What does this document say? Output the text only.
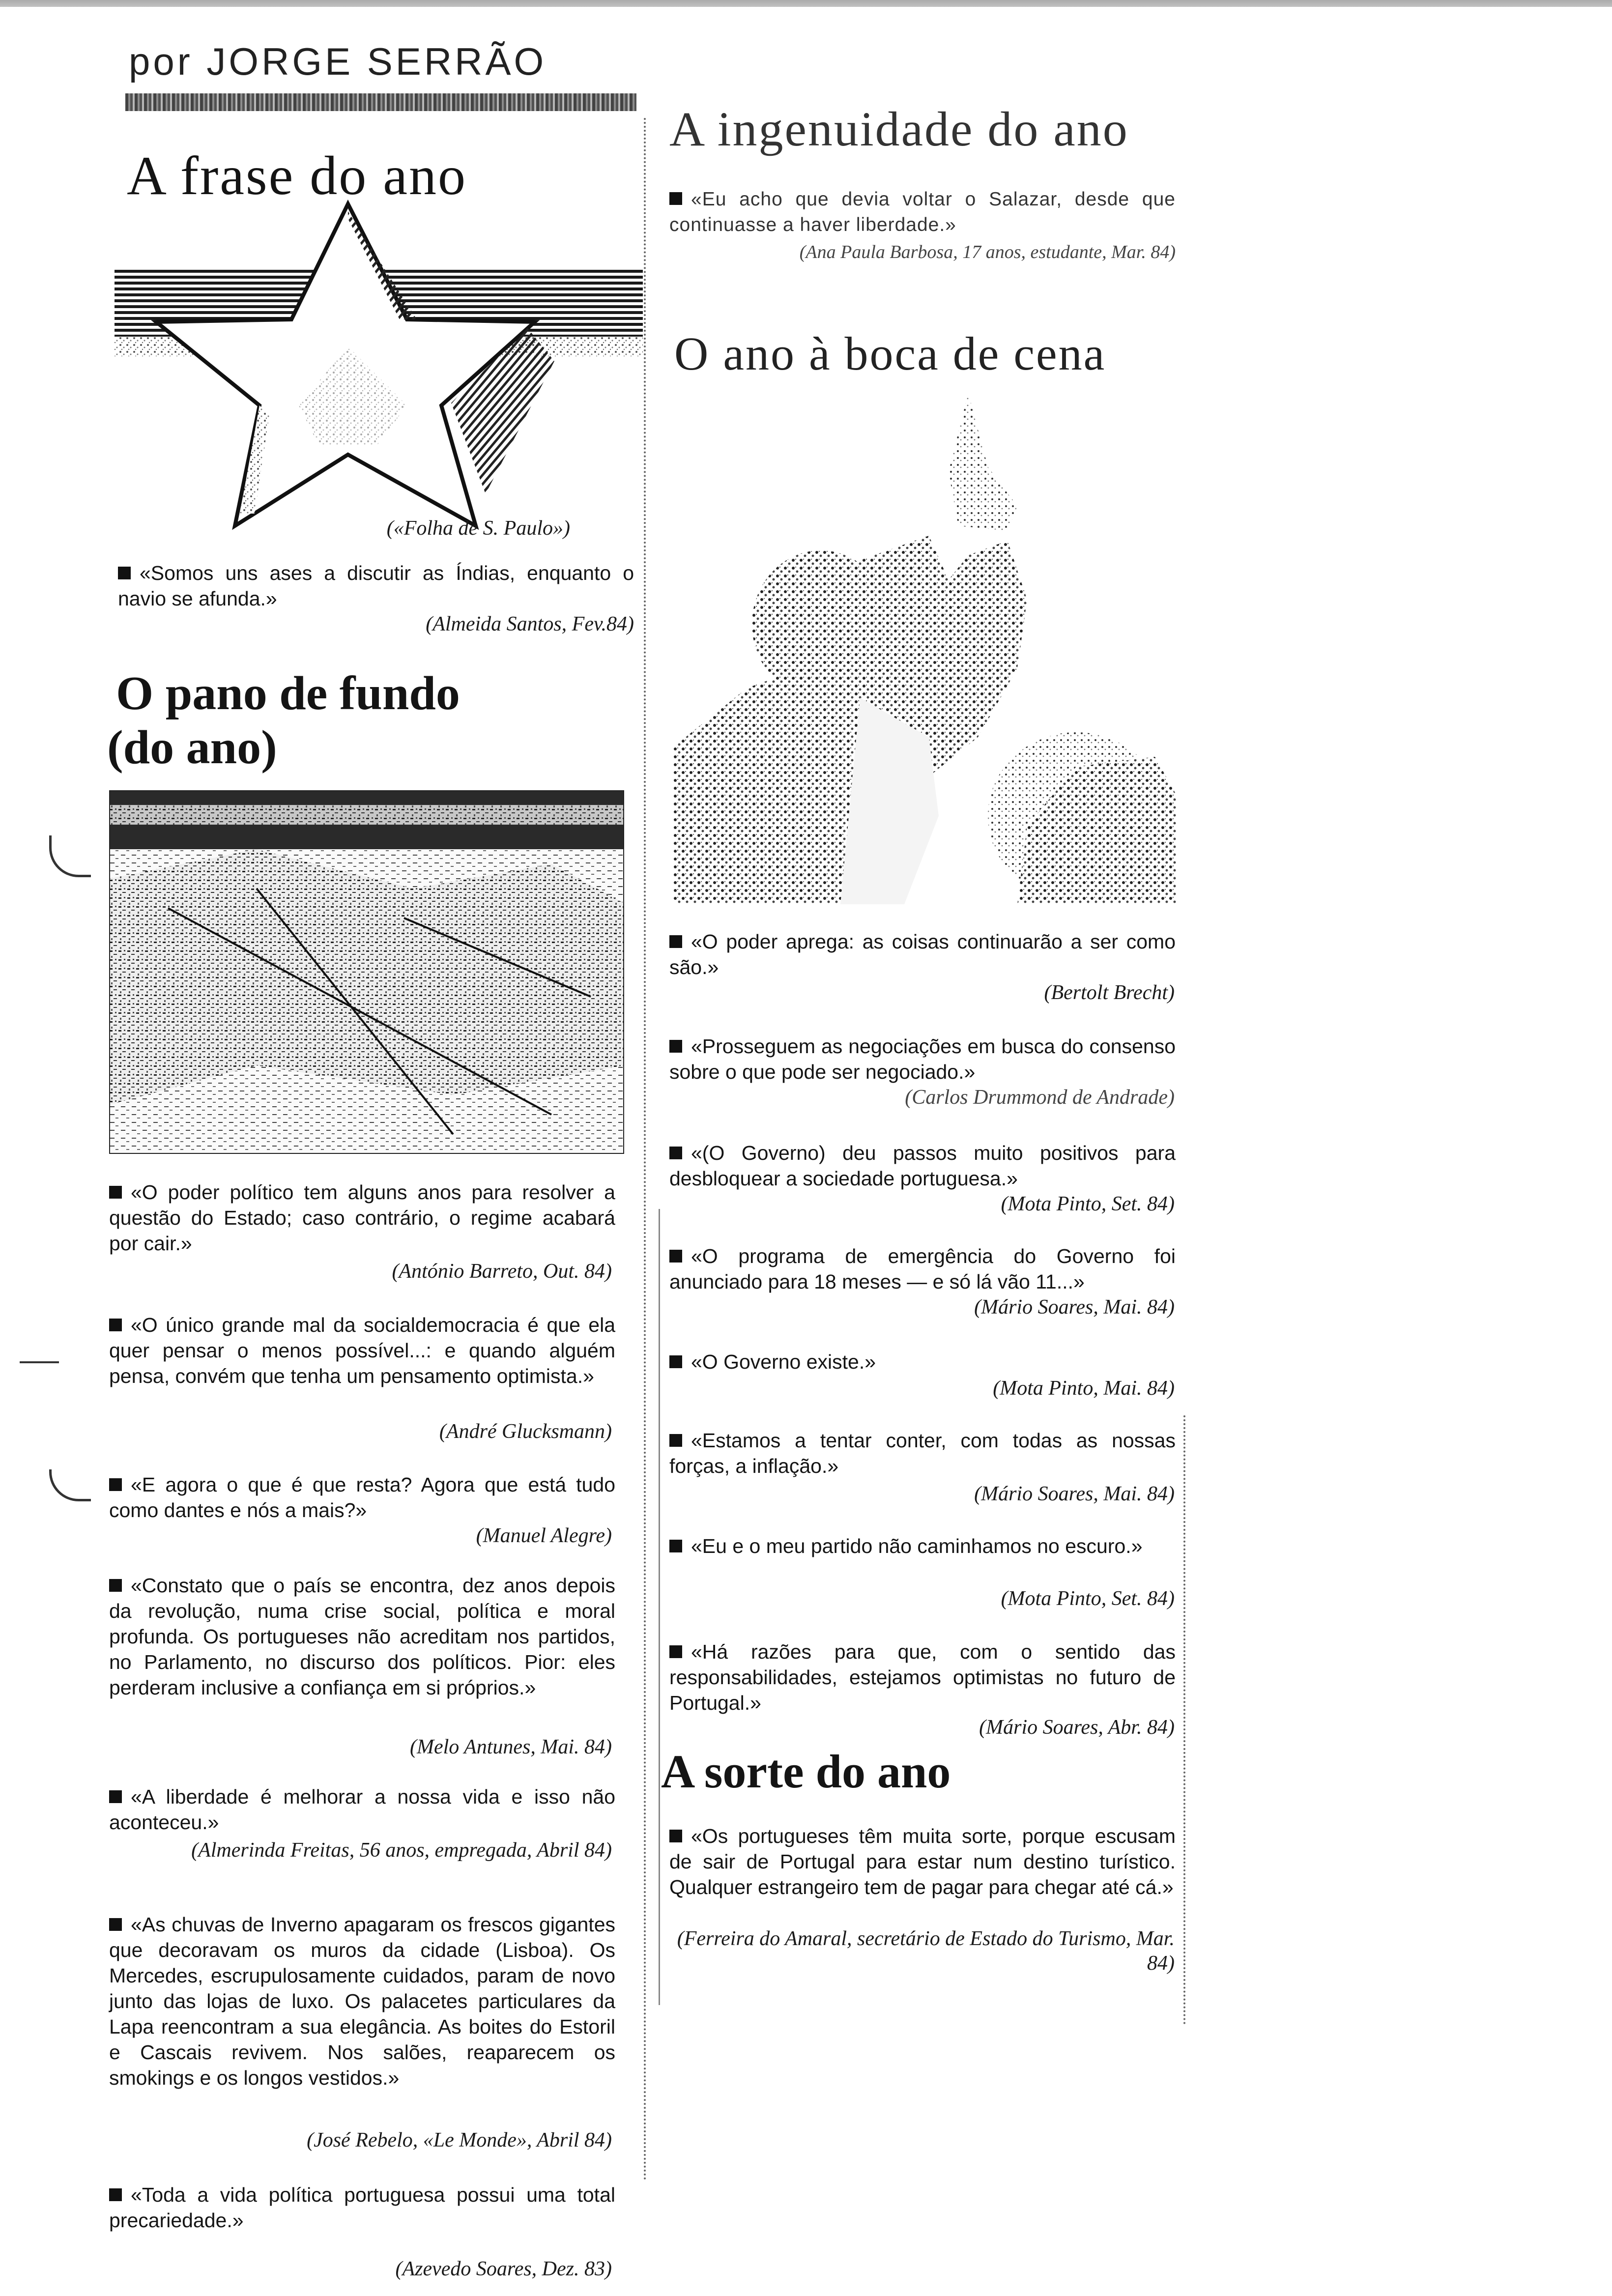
por JORGE SERRÃO
A frase do ano
(«Folha de S. Paulo»)
«Somos uns ases a discutir as Índias, enquanto o navio se afunda.»
(Almeida Santos, Fev.84)
O pano de fundo
(do ano)
«O poder político tem alguns anos para resolver a questão do Estado; caso contrário, o regime acabará por cair.»
(António Barreto, Out. 84)
«O único grande mal da socialdemocracia é que ela quer pensar o menos possível...: e quando alguém pensa, convém que tenha um pensamento optimista.»
(André Glucksmann)
«E agora o que é que resta? Agora que está tudo como dantes e nós a mais?»
(Manuel Alegre)
«Constato que o país se encontra, dez anos depois da revolução, numa crise social, política e moral profunda. Os portugueses não acreditam nos partidos, no Parlamento, no discurso dos políticos. Pior: eles perderam inclusive a confiança em si próprios.»
(Melo Antunes, Mai. 84)
«A liberdade é melhorar a nossa vida e isso não aconteceu.»
(Almerinda Freitas, 56 anos, empregada, Abril 84)
«As chuvas de Inverno apagaram os frescos gigantes que decoravam os muros da cidade (Lisboa). Os Mercedes, escrupulosamente cuidados, param de novo junto das lojas de luxo. Os palacetes particulares da Lapa reencontram a sua elegância. As boites do Estoril e Cascais revivem. Nos salões, reaparecem os smokings e os longos vestidos.»
(José Rebelo, «Le Monde», Abril 84)
«Toda a vida política portuguesa possui uma total precariedade.»
(Azevedo Soares, Dez. 83)
A ingenuidade do ano
«Eu acho que devia voltar o Salazar, desde que continuasse a haver liberdade.»
(Ana Paula Barbosa, 17 anos, estudante, Mar. 84)
O ano à boca de cena
«O poder aprega: as coisas continuarão a ser como são.»
(Bertolt Brecht)
«Prosseguem as negociações em busca do consenso sobre o que pode ser negociado.»
(Carlos Drummond de Andrade)
«(O Governo) deu passos muito positivos para desbloquear a sociedade portuguesa.»
(Mota Pinto, Set. 84)
«O programa de emergência do Governo foi anunciado para 18 meses — e só lá vão 11...»
(Mário Soares, Mai. 84)
«O Governo existe.»
(Mota Pinto, Mai. 84)
«Estamos a tentar conter, com todas as nossas forças, a inflação.»
(Mário Soares, Mai. 84)
«Eu e o meu partido não caminhamos no escuro.»
(Mota Pinto, Set. 84)
«Há razões para que, com o sentido das responsabilidades, estejamos optimistas no futuro de Portugal.»
(Mário Soares, Abr. 84)
A sorte do ano
«Os portugueses têm muita sorte, porque escusam de sair de Portugal para estar num destino turístico. Qualquer estrangeiro tem de pagar para chegar até cá.»
(Ferreira do Amaral, secretário de Estado do Turismo, Mar. 84)
